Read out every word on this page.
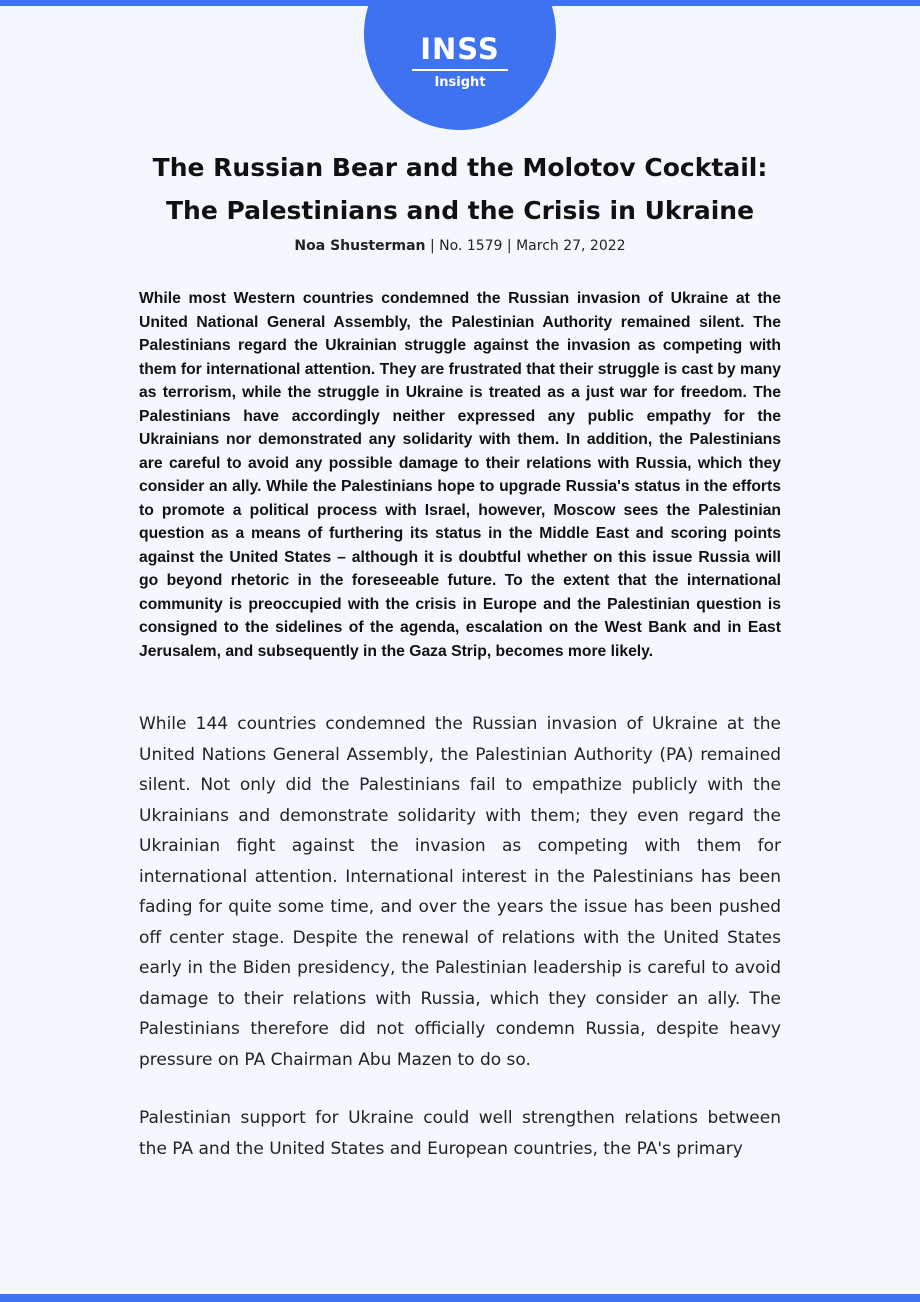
INSS
Insight
The Russian Bear and the Molotov Cocktail:
The Palestinians and the Crisis in Ukraine
Noa Shusterman | No. 1579 | March 27, 2022

While most Western countries condemned the Russian invasion of Ukraine at the United National General Assembly, the Palestinian Authority remained silent. The Palestinians regard the Ukrainian struggle against the invasion as competing with them for international attention. They are frustrated that their struggle is cast by many as terrorism, while the struggle in Ukraine is treated as a just war for freedom. The Palestinians have accordingly neither expressed any public empathy for the Ukrainians nor demonstrated any solidarity with them. In addition, the Palestinians are careful to avoid any possible damage to their relations with Russia, which they consider an ally. While the Palestinians hope to upgrade Russia's status in the efforts to promote a political process with Israel, however, Moscow sees the Palestinian question as a means of furthering its status in the Middle East and scoring points against the United States – although it is doubtful whether on this issue Russia will go beyond rhetoric in the foreseeable future. To the extent that the international community is preoccupied with the crisis in Europe and the Palestinian question is consigned to the sidelines of the agenda, escalation on the West Bank and in East Jerusalem, and subsequently in the Gaza Strip, becomes more likely.

While 144 countries condemned the Russian invasion of Ukraine at the United Nations General Assembly, the Palestinian Authority (PA) remained silent. Not only did the Palestinians fail to empathize publicly with the Ukrainians and demonstrate solidarity with them; they even regard the Ukrainian fight against the invasion as competing with them for international attention. International interest in the Palestinians has been fading for quite some time, and over the years the issue has been pushed off center stage. Despite the renewal of relations with the United States early in the Biden presidency, the Palestinian leadership is careful to avoid damage to their relations with Russia, which they consider an ally. The Palestinians therefore did not officially condemn Russia, despite heavy pressure on PA Chairman Abu Mazen to do so.

Palestinian support for Ukraine could well strengthen relations between the PA and the United States and European countries, the PA's primary
